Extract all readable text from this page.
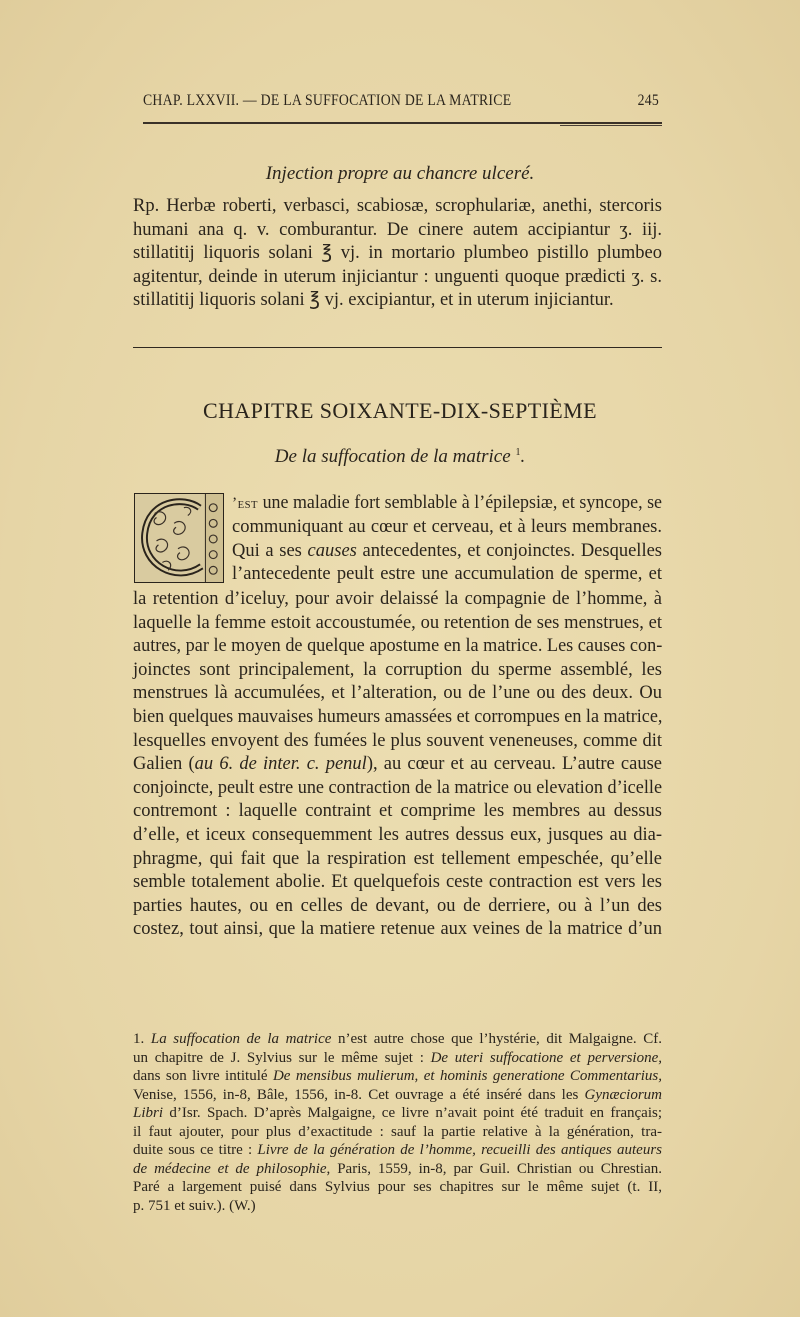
CHAP. LXXVII. — DE LA SUFFOCATION DE LA MATRICE	245
Injection propre au chancre ulceré.
Rp. Herbæ roberti, verbasci, scabiosæ, scrophulariæ, anethi, stercoris
humani ana q. v. comburantur. De cinere autem accipiantur ʒ. iij.
stillatitij liquoris solani ℥ vj. in mortario plumbeo pistillo plumbeo
agitentur, deinde in uterum injiciantur : unguenti quoque prædicti ʒ. s.
stillatitij liquoris solani ℥ vj. excipiantur, et in uterum injiciantur.
CHAPITRE SOIXANTE-DIX-SEPTIÈME
De la suffocation de la matrice $^1$.
’est une maladie fort semblable à l’épilepsiæ, et syncope, se
communiquant au cœur et cerveau, et à leurs membranes.
Qui a ses causes antecedentes, et conjoinctes. Desquelles
l’antecedente peult estre une accumulation de sperme, et
la retention d’iceluy, pour avoir delaissé la compagnie de l’homme, à
laquelle la femme estoit accoustumée, ou retention de ses menstrues, et
autres, par le moyen de quelque apostume en la matrice. Les causes con-
joinctes sont principalement, la corruption du sperme assemblé, les
menstrues là accumulées, et l’alteration, ou de l’une ou des deux. Ou
bien quelques mauvaises humeurs amassées et corrompues en la matrice,
lesquelles envoyent des fumées le plus souvent veneneuses, comme dit
Galien (au 6. de inter. c. penul), au cœur et au cerveau. L’autre cause
conjoincte, peult estre une contraction de la matrice ou elevation d’icelle
contremont : laquelle contraint et comprime les membres au dessus
d’elle, et iceux consequemment les autres dessus eux, jusques au dia-
phragme, qui fait que la respiration est tellement empeschée, qu’elle
semble totalement abolie. Et quelquefois ceste contraction est vers les
parties hautes, ou en celles de devant, ou de derriere, ou à l’un des
costez, tout ainsi, que la matiere retenue aux veines de la matrice d’un
1. La suffocation de la matrice n’est autre chose que l’hystérie, dit Malgaigne. Cf.
un chapitre de J. Sylvius sur le même sujet : De uteri suffocatione et perversione,
dans son livre intitulé De mensibus mulierum, et hominis generatione Commentarius,
Venise, 1556, in-8, Bâle, 1556, in-8. Cet ouvrage a été inséré dans les Gynæciorum
Libri d’Isr. Spach. D’après Malgaigne, ce livre n’avait point été traduit en français;
il faut ajouter, pour plus d’exactitude : sauf la partie relative à la génération, tra-
duite sous ce titre : Livre de la génération de l’homme, recueilli des antiques auteurs
de médecine et de philosophie, Paris, 1559, in-8, par Guil. Christian ou Chrestian.
Paré a largement puisé dans Sylvius pour ses chapitres sur le même sujet (t. II,
p. 751 et suiv.). (W.)
